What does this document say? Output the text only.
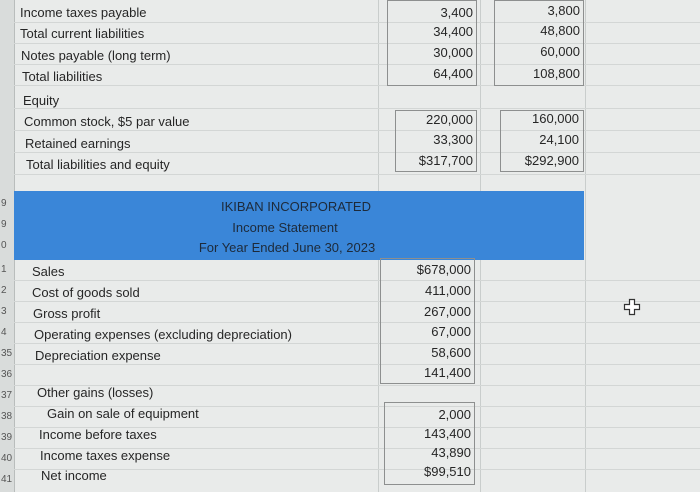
9
9
0
Income taxes payable
Total current liabilities
Notes payable (long term)
Total liabilities
Equity
Common stock, $5 par value
Retained earnings
Total liabilities and equity
3,400
34,400
30,000
64,400
220,000
33,300
$317,700
3,800
48,800
60,000
108,800
160,000
24,100
$292,900
IKIBAN INCORPORATED
Income Statement
For Year Ended June 30, 2023
1
2
3
4
35
36
37
38
39
40
41
Sales
Cost of goods sold
Gross profit
Operating expenses (excluding depreciation)
Depreciation expense
Other gains (losses)
Gain on sale of equipment
Income before taxes
Income taxes expense
Net income
$678,000
411,000
267,000
67,000
58,600
141,400
2,000
143,400
43,890
$99,510
